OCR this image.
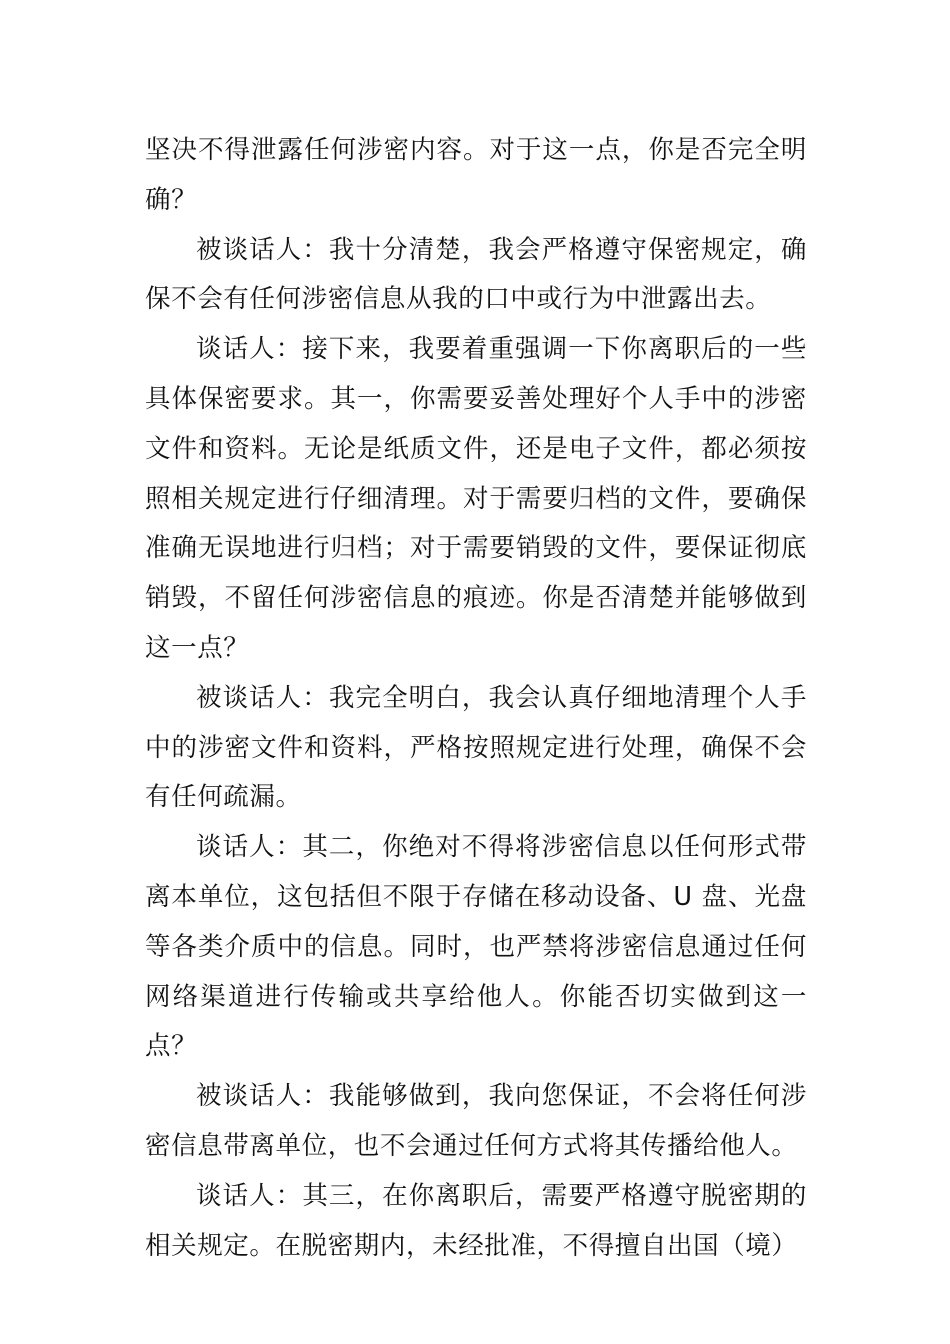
坚决不得泄露任何涉密内容。对于这一点，你是否完全明确？

被谈话人：我十分清楚，我会严格遵守保密规定，确保不会有任何涉密信息从我的口中或行为中泄露出去。

谈话人：接下来，我要着重强调一下你离职后的一些具体保密要求。其一，你需要妥善处理好个人手中的涉密文件和资料。无论是纸质文件，还是电子文件，都必须按照相关规定进行仔细清理。对于需要归档的文件，要确保准确无误地进行归档；对于需要销毁的文件，要保证彻底销毁，不留任何涉密信息的痕迹。你是否清楚并能够做到这一点？

被谈话人：我完全明白，我会认真仔细地清理个人手中的涉密文件和资料，严格按照规定进行处理，确保不会有任何疏漏。

谈话人：其二，你绝对不得将涉密信息以任何形式带离本单位，这包括但不限于存储在移动设备、U 盘、光盘等各类介质中的信息。同时，也严禁将涉密信息通过任何网络渠道进行传输或共享给他人。你能否切实做到这一点？

被谈话人：我能够做到，我向您保证，不会将任何涉密信息带离单位，也不会通过任何方式将其传播给他人。

谈话人：其三，在你离职后，需要严格遵守脱密期的相关规定。在脱密期内，未经批准，不得擅自出国（境）
